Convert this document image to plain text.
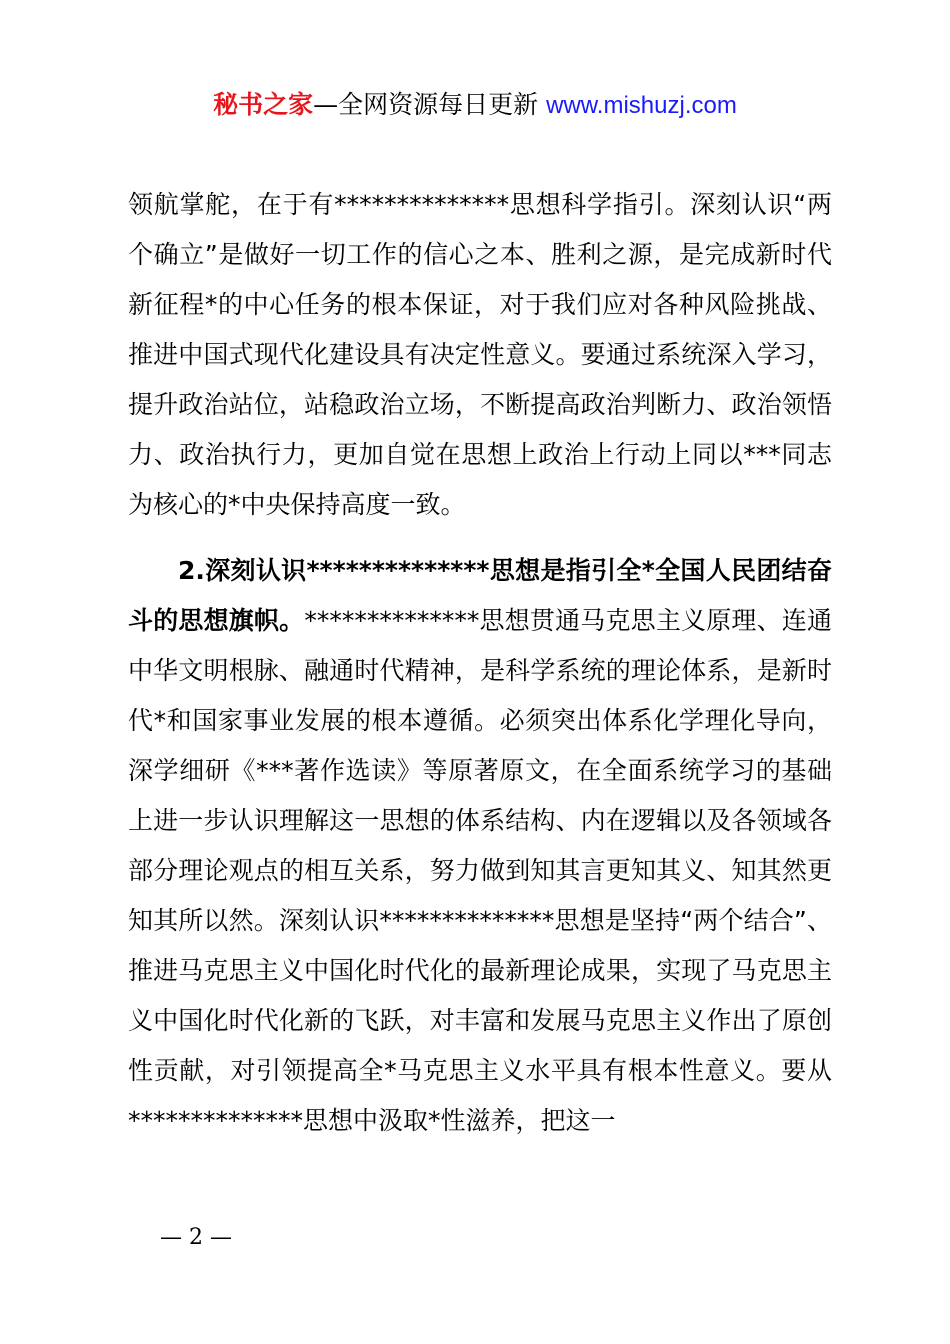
秘书之家—全网资源每日更新 www.mishuzj.com

领航掌舵，在于有**************思想科学指引。深刻认识“两个确立”是做好一切工作的信心之本、胜利之源，是完成新时代新征程*的中心任务的根本保证，对于我们应对各种风险挑战、推进中国式现代化建设具有决定性意义。要通过系统深入学习，提升政治站位，站稳政治立场，不断提高政治判断力、政治领悟力、政治执行力，更加自觉在思想上政治上行动上同以***同志为核心的*中央保持高度一致。

2.深刻认识**************思想是指引全*全国人民团结奋斗的思想旗帜。**************思想贯通马克思主义原理、连通中华文明根脉、融通时代精神，是科学系统的理论体系，是新时代*和国家事业发展的根本遵循。必须突出体系化学理化导向，深学细研《***著作选读》等原著原文，在全面系统学习的基础上进一步认识理解这一思想的体系结构、内在逻辑以及各领域各部分理论观点的相互关系，努力做到知其言更知其义、知其然更知其所以然。深刻认识**************思想是坚持“两个结合”、推进马克思主义中国化时代化的最新理论成果，实现了马克思主义中国化时代化新的飞跃，对丰富和发展马克思主义作出了原创性贡献，对引领提高全*马克思主义水平具有根本性意义。要从**************思想中汲取*性滋养，把这一

— 2 —
